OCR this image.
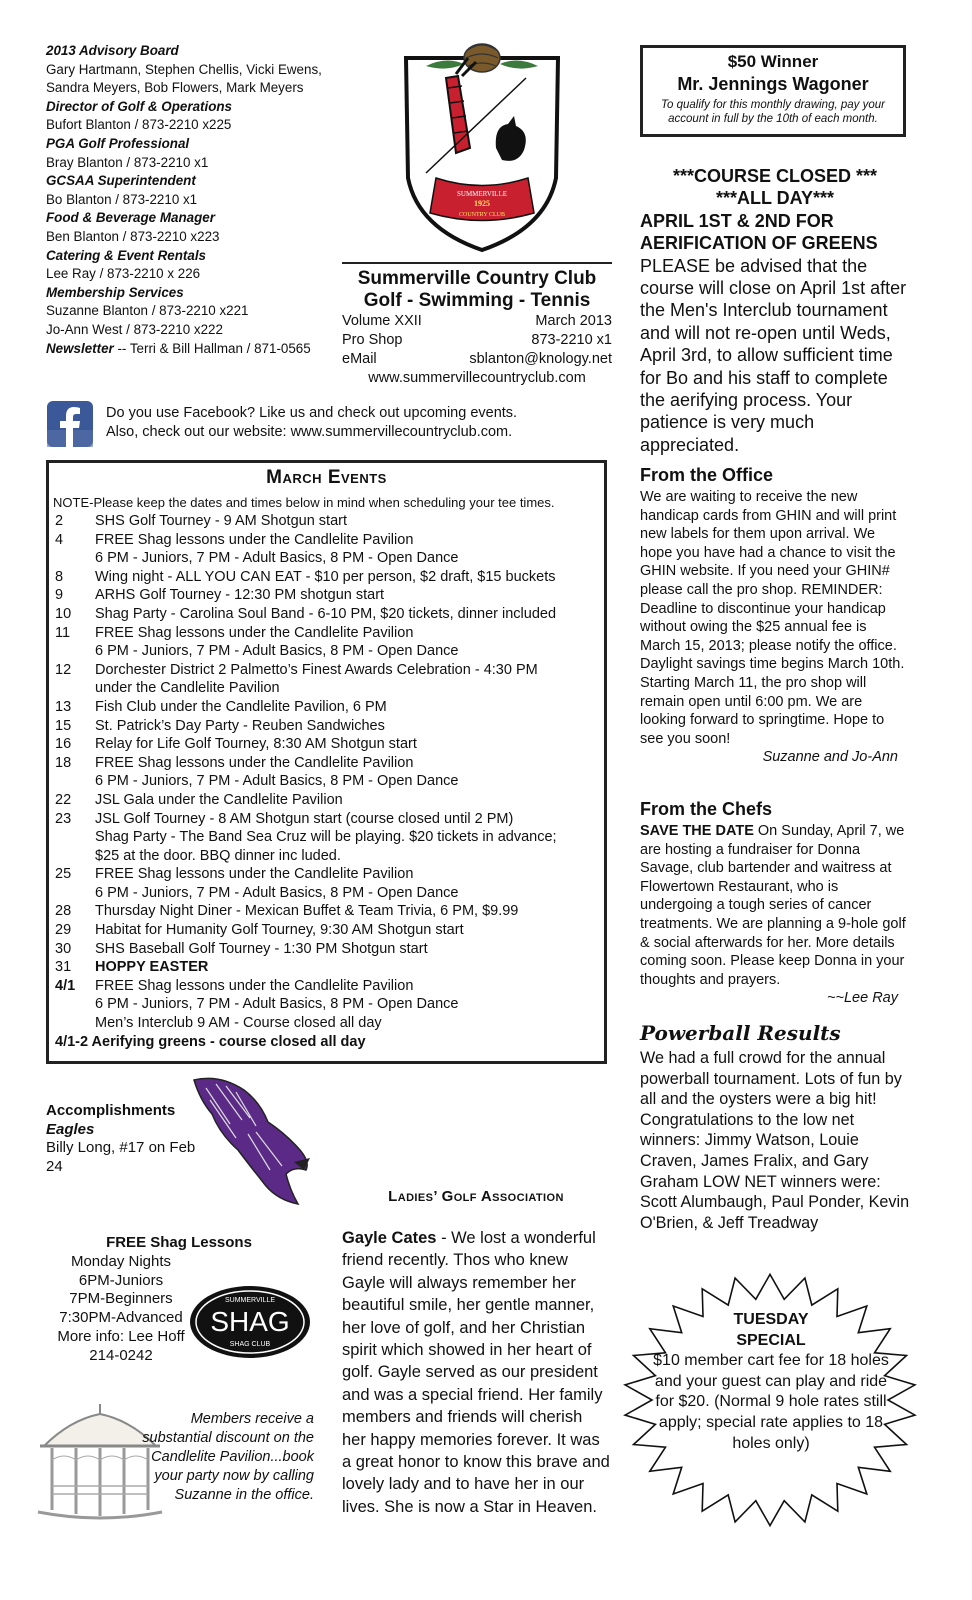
2013 Advisory Board
Gary Hartmann, Stephen Chellis, Vicki Ewens,
Sandra Meyers, Bob Flowers, Mark Meyers
Director of Golf & Operations
Bufort Blanton / 873-2210 x225
PGA Golf Professional
Bray Blanton / 873-2210 x1
GCSAA Superintendent
Bo Blanton / 873-2210 x1
Food & Beverage Manager
Ben Blanton / 873-2210 x223
Catering & Event Rentals
Lee Ray / 873-2210 x 226
Membership Services
Suzanne Blanton / 873-2210 x221
Jo-Ann West / 873-2210 x222
Newsletter -- Terri & Bill Hallman / 871-0565
SUMMERVILLE
1925
COUNTRY CLUB
Summerville Country Club
Golf - Swimming - Tennis
Volume XXII	March 2013
Pro Shop	873-2210 x1
eMail	sblanton@knology.net
www.summervillecountryclub.com
Do you use Facebook? Like us and check out upcoming events.
Also, check out our website: www.summervillecountryclub.com.
March Events
NOTE-Please keep the dates and times below in mind when scheduling your tee times.
2	SHS Golf Tourney - 9 AM Shotgun start
4	FREE Shag lessons under the Candlelite Pavilion
6 PM - Juniors, 7 PM - Adult Basics, 8 PM - Open Dance
8	Wing night - ALL YOU CAN EAT - $10 per person, $2 draft, $15 buckets
9	ARHS Golf Tourney - 12:30 PM shotgun start
10	Shag Party - Carolina Soul Band - 6-10 PM, $20 tickets, dinner included
11	FREE Shag lessons under the Candlelite Pavilion
6 PM - Juniors, 7 PM - Adult Basics, 8 PM - Open Dance
12	Dorchester District 2 Palmetto’s Finest Awards Celebration - 4:30 PM
under the Candlelite Pavilion
13	Fish Club under the Candlelite Pavilion, 6 PM
15	St. Patrick’s Day Party - Reuben Sandwiches
16	Relay for Life Golf Tourney, 8:30 AM Shotgun start
18	FREE Shag lessons under the Candlelite Pavilion
6 PM - Juniors, 7 PM - Adult Basics, 8 PM - Open Dance
22	JSL Gala under the Candlelite Pavilion
23	JSL Golf Tourney - 8 AM Shotgun start (course closed until 2 PM)
Shag Party - The Band Sea Cruz will be playing. $20 tickets in advance;
$25 at the door. BBQ dinner inc luded.
25	FREE Shag lessons under the Candlelite Pavilion
6 PM - Juniors, 7 PM - Adult Basics, 8 PM - Open Dance
28	Thursday Night Diner - Mexican Buffet & Team Trivia, 6 PM, $9.99
29	Habitat for Humanity Golf Tourney, 9:30 AM Shotgun start
30	SHS Baseball Golf Tourney - 1:30 PM Shotgun start
31	HOPPY EASTER
4/1	FREE Shag lessons under the Candlelite Pavilion
6 PM - Juniors, 7 PM - Adult Basics, 8 PM - Open Dance
Men’s Interclub 9 AM - Course closed all day
4/1-2 Aerifying greens - course closed all day
$50 Winner
Mr. Jennings Wagoner
To qualify for this monthly drawing, pay your account in full by the 10th of each month.
***COURSE CLOSED ***
***ALL DAY***
APRIL 1ST & 2ND FOR
AERIFICATION OF GREENS
PLEASE be advised that the course will close on April 1st after the Men's Interclub tournament and will not re-open until Weds, April 3rd, to allow sufficient time for Bo and his staff to complete the aerifying process. Your patience is very much appreciated.
From the Office
We are waiting to receive the new handicap cards from GHIN and will print new labels for them upon arrival. We hope you have had a chance to visit the GHIN website. If you need your GHIN# please call the pro shop. REMINDER: Deadline to discontinue your handicap without owing the $25 annual fee is March 15, 2013; please notify the office. Daylight savings time begins March 10th. Starting March 11, the pro shop will remain open until 6:00 pm. We are looking forward to springtime. Hope to see you soon!
Suzanne and Jo-Ann
From the Chefs
SAVE THE DATE On Sunday, April 7, we are hosting a fundraiser for Donna Savage, club bartender and waitress at Flowertown Restaurant, who is undergoing a tough series of cancer treatments. We are planning a 9-hole golf & social afterwards for her. More details coming soon. Please keep Donna in your thoughts and prayers.
~~Lee Ray
Powerball Results
We had a full crowd for the annual powerball tournament. Lots of fun by all and the oysters were a big hit! Congratulations to the low net winners: Jimmy Watson, Louie Craven, James Fralix, and Gary Graham LOW NET winners were: Scott Alumbaugh, Paul Ponder, Kevin O'Brien, & Jeff Treadway
TUESDAY
SPECIAL
$10 member cart fee for 18 holes and your guest can play and ride for $20. (Normal 9 hole rates still apply; special rate applies to 18 holes only)
Accomplishments
Eagles
Billy Long, #17 on Feb 24
FREE Shag Lessons
Monday Nights
6PM-Juniors
7PM-Beginners
7:30PM-Advanced
More info: Lee Hoff
214-0242
SUMMERVILLE
SHAG
SHAG CLUB
Members receive a substantial discount on the Candlelite Pavilion...book your party now by calling Suzanne in the office.
Ladies’ Golf Association
Gayle Cates - We lost a wonderful friend recently. Thos who knew Gayle will always remember her beautiful smile, her gentle manner, her love of golf, and her Christian spirit which showed in her heart of golf. Gayle served as our president and was a special friend. Her family members and friends will cherish her happy memories forever. It was a great honor to know this brave and lovely lady and to have her in our lives. She is now a Star in Heaven.
